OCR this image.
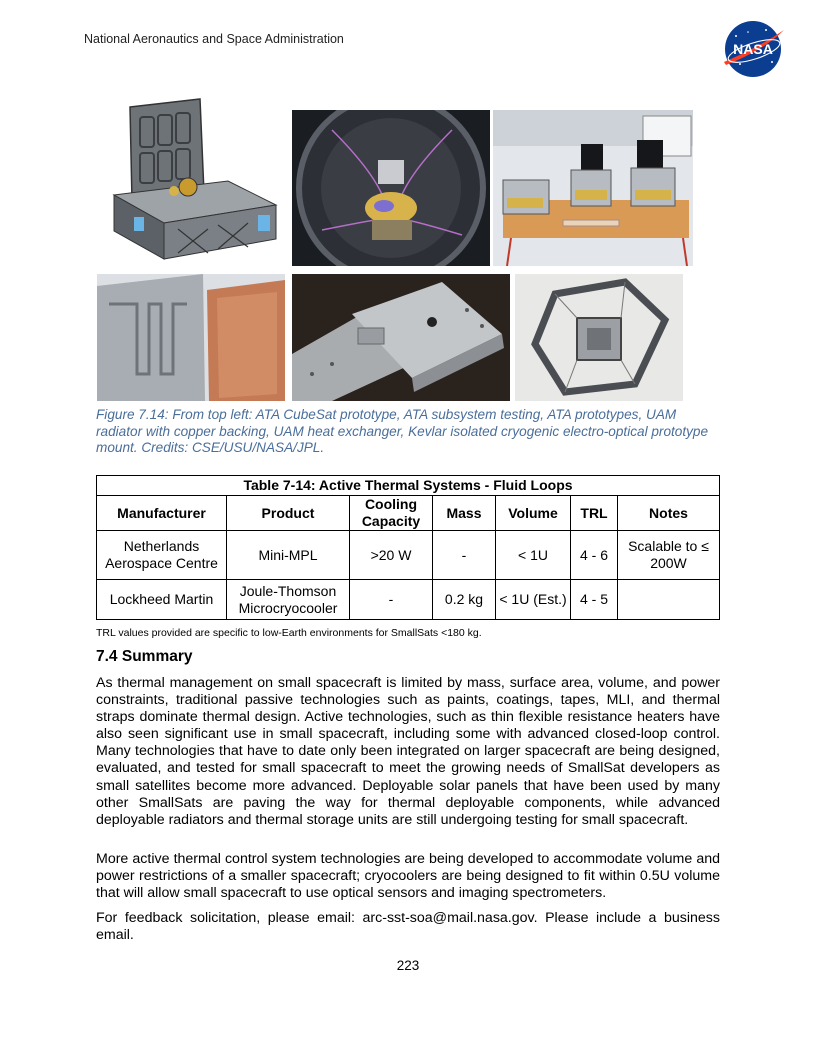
National Aeronautics and Space Administration
NASA
Figure 7.14: From top left: ATA CubeSat prototype, ATA subsystem testing, ATA prototypes, UAM radiator with copper backing, UAM heat exchanger, Kevlar isolated cryogenic electro-optical prototype mount. Credits: CSE/USU/NASA/JPL.
Table 7-14: Active Thermal Systems - Fluid Loops						
Manufacturer	Product	Cooling Capacity	Mass	Volume	TRL	Notes
Netherlands Aerospace Centre	Mini-MPL	>20 W	-	< 1U	4 - 6	Scalable to ≤ 200W
Lockheed Martin	Joule-Thomson Microcryocooler	-	0.2 kg	< 1U (Est.)	4 - 5	
TRL values provided are specific to low-Earth environments for SmallSats <180 kg.
7.4 Summary

As thermal management on small spacecraft is limited by mass, surface area, volume, and power constraints, traditional passive technologies such as paints, coatings, tapes, MLI, and thermal straps dominate thermal design. Active technologies, such as thin flexible resistance heaters have also seen significant use in small spacecraft, including some with advanced closed-loop control. Many technologies that have to date only been integrated on larger spacecraft are being designed, evaluated, and tested for small spacecraft to meet the growing needs of SmallSat developers as small satellites become more advanced. Deployable solar panels that have been used by many other SmallSats are paving the way for thermal deployable components, while advanced deployable radiators and thermal storage units are still undergoing testing for small spacecraft.

More active thermal control system technologies are being developed to accommodate volume and power restrictions of a smaller spacecraft; cryocoolers are being designed to fit within 0.5U volume that will allow small spacecraft to use optical sensors and imaging spectrometers.

For feedback solicitation, please email: arc-sst-soa@mail.nasa.gov. Please include a business email.

223
